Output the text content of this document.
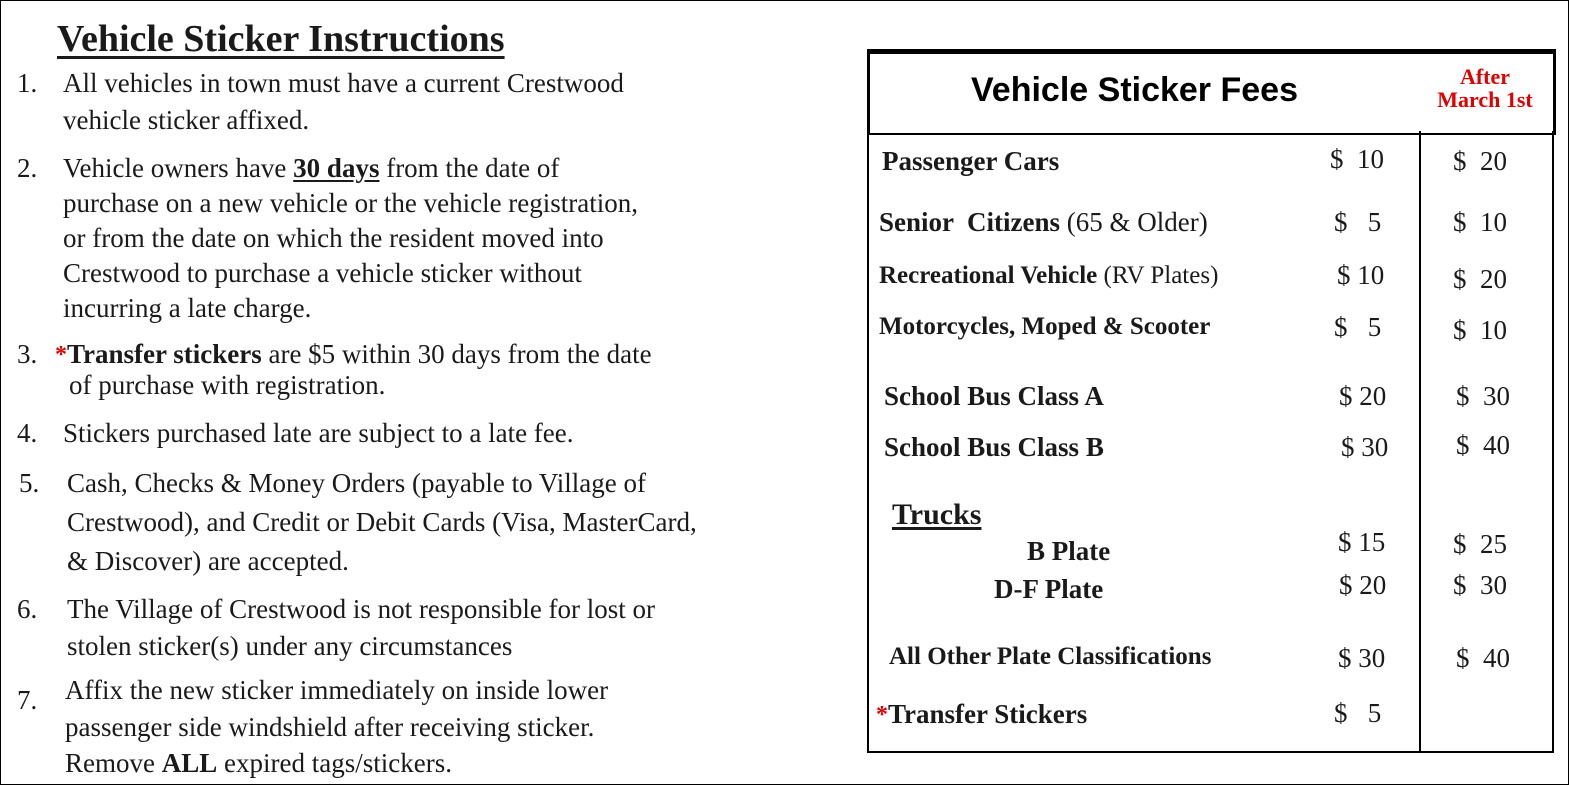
Vehicle Sticker Instructions
1. All vehicles in town must have a current Crestwood
vehicle sticker affixed.
2. Vehicle owners have 30 days from the date of
purchase on a new vehicle or the vehicle registration,
or from the date on which the resident moved into
Crestwood to purchase a vehicle sticker without
incurring a late charge.
3. *Transfer stickers are $5 within 30 days from the date
of purchase with registration.
4. Stickers purchased late are subject to a late fee.
5. Cash, Checks & Money Orders (payable to Village of
Crestwood), and Credit or Debit Cards (Visa, MasterCard,
& Discover) are accepted.
6. The Village of Crestwood is not responsible for lost or
stolen sticker(s) under any circumstances
7. Affix the new sticker immediately on inside lower
passenger side windshield after receiving sticker.
Remove ALL expired tags/stickers.
Vehicle Sticker Fees	After
March 1st
Passenger Cars	$  10	$  20
Senior  Citizens (65 & Older)	$   5	$  10
Recreational Vehicle (RV Plates)	$ 10	$  20
Motorcycles, Moped & Scooter	$   5	$  10
School Bus Class A	$ 20	$  30
School Bus Class B	$ 30	$  40
Trucks
B Plate	$ 15	$  25
D-F Plate	$ 20 $  30
All Other Plate Classifications	$ 30	$  40
*Transfer Stickers	$   5
